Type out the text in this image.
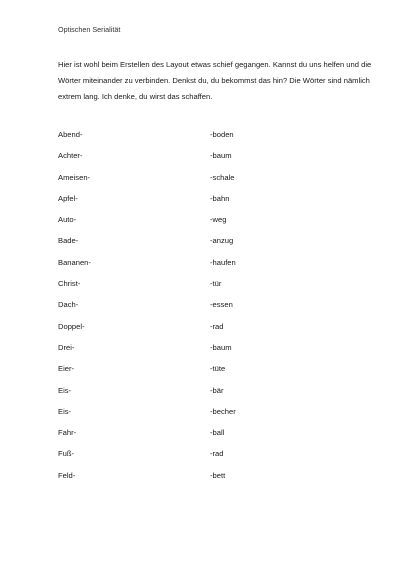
Optischen Serialität
Hier ist wohl beim Erstellen des Layout etwas schief gegangen. Kannst du uns helfen und die Wörter miteinander zu verbinden. Denkst du, du bekommst das hin? Die Wörter sind nämlich extrem lang. Ich denke, du wirst das schaffen.
Abend-	-boden
Achter-	-baum
Ameisen-	-schale
Apfel-	-bahn
Auto-	-weg
Bade-	-anzug
Bananen-	-haufen
Christ-	-tür
Dach-	-essen
Doppel-	-rad
Drei-	-baum
Eier-	-tüte
Eis-	-bär
Eis-	-becher
Fahr-	-ball
Fuß-	-rad
Feld-	-bett
